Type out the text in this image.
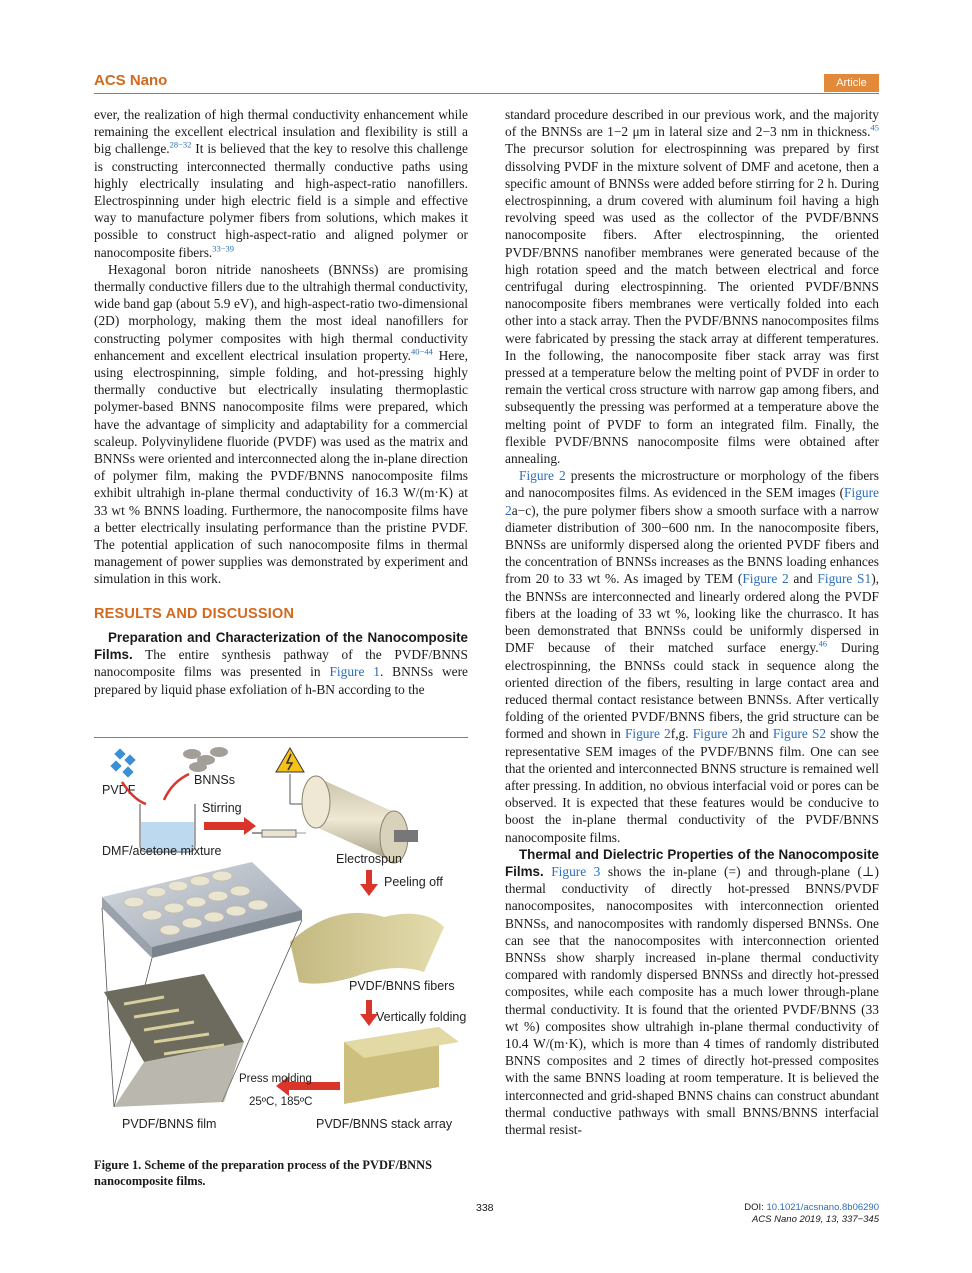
ACS Nano	Article

ever, the realization of high thermal conductivity enhancement while remaining the excellent electrical insulation and flexibility is still a big challenge.$^{28-32}$ It is believed that the key to resolve this challenge is constructing interconnected thermally conductive paths using highly electrically insulating and high-aspect-ratio nanofillers. Electrospinning under high electric field is a simple and effective way to manufacture polymer fibers from solutions, which makes it possible to construct high-aspect-ratio and aligned polymer or nanocomposite fibers.$^{33-39}$

Hexagonal boron nitride nanosheets (BNNSs) are promising thermally conductive fillers due to the ultrahigh thermal conductivity, wide band gap (about 5.9 eV), and high-aspect-ratio two-dimensional (2D) morphology, making them the most ideal nanofillers for constructing polymer composites with high thermal conductivity enhancement and excellent electrical insulation property.$^{40-44}$ Here, using electrospinning, simple folding, and hot-pressing highly thermally conductive but electrically insulating thermoplastic polymer-based BNNS nanocomposite films were prepared, which have the advantage of simplicity and adaptability for a commercial scaleup. Polyvinylidene fluoride (PVDF) was used as the matrix and BNNSs were oriented and interconnected along the in-plane direction of polymer film, making the PVDF/BNNS nanocomposite films exhibit ultrahigh in-plane thermal conductivity of 16.3 W/(m·K) at 33 wt % BNNS loading. Furthermore, the nanocomposite films have a better electrically insulating performance than the pristine PVDF. The potential application of such nanocomposite films in thermal management of power supplies was demonstrated by experiment and simulation in this work.

RESULTS AND DISCUSSION

Preparation and Characterization of the Nanocomposite Films. The entire synthesis pathway of the PVDF/BNNS nanocomposite films was presented in Figure 1. BNNSs were prepared by liquid phase exfoliation of h-BN according to the

PVDF
BNNSs
Stirring
DMF/acetone mixture
Electrospun
Peeling off
PVDF/BNNS fibers
Vertically folding
PVDF/BNNS stack array
Press molding
25ºC, 185ºC
PVDF/BNNS film
Figure 1. Scheme of the preparation process of the PVDF/BNNS nanocomposite films.

standard procedure described in our previous work, and the majority of the BNNSs are 1−2 μm in lateral size and 2−3 nm in thickness.$^{45}$ The precursor solution for electrospinning was prepared by first dissolving PVDF in the mixture solvent of DMF and acetone, then a specific amount of BNNSs were added before stirring for 2 h. During electrospinning, a drum covered with aluminum foil having a high revolving speed was used as the collector of the PVDF/BNNS nanocomposite fibers. After electrospinning, the oriented PVDF/BNNS nanofiber membranes were generated because of the high rotation speed and the match between electrical and force centrifugal during electrospinning. The oriented PVDF/BNNS nanocomposite fibers membranes were vertically folded into each other into a stack array. Then the PVDF/BNNS nanocomposites films were fabricated by pressing the stack array at different temperatures. In the following, the nanocomposite fiber stack array was first pressed at a temperature below the melting point of PVDF in order to remain the vertical cross structure with narrow gap among fibers, and subsequently the pressing was performed at a temperature above the melting point of PVDF to form an integrated film. Finally, the flexible PVDF/BNNS nanocomposite films were obtained after annealing.

Figure 2 presents the microstructure or morphology of the fibers and nanocomposites films. As evidenced in the SEM images (Figure 2a−c), the pure polymer fibers show a smooth surface with a narrow diameter distribution of 300−600 nm. In the nanocomposite fibers, BNNSs are uniformly dispersed along the oriented PVDF fibers and the concentration of BNNSs increases as the BNNS loading enhances from 20 to 33 wt %. As imaged by TEM (Figure 2 and Figure S1), the BNNSs are interconnected and linearly ordered along the PVDF fibers at the loading of 33 wt %, looking like the churrasco. It has been demonstrated that BNNSs could be uniformly dispersed in DMF because of their matched surface energy.$^{46}$ During electrospinning, the BNNSs could stack in sequence along the oriented direction of the fibers, resulting in large contact area and reduced thermal contact resistance between BNNSs. After vertically folding of the oriented PVDF/BNNS fibers, the grid structure can be formed and shown in Figure 2f,g. Figure 2h and Figure S2 show the representative SEM images of the PVDF/BNNS film. One can see that the oriented and interconnected BNNS structure is remained well after pressing. In addition, no obvious interfacial void or pores can be observed. It is expected that these features would be conducive to boost the in-plane thermal conductivity of the PVDF/BNNS nanocomposite films.

Thermal and Dielectric Properties of the Nanocomposite Films. Figure 3 shows the in-plane (=) and through-plane (⊥) thermal conductivity of directly hot-pressed BNNS/PVDF nanocomposites, nanocomposites with interconnection oriented BNNSs, and nanocomposites with randomly dispersed BNNSs. One can see that the nanocomposites with interconnection oriented BNNSs show sharply increased in-plane thermal conductivity compared with randomly dispersed BNNSs and directly hot-pressed composites, while each composite has a much lower through-plane thermal conductivity. It is found that the oriented PVDF/BNNS (33 wt %) composites show ultrahigh in-plane thermal conductivity of 10.4 W/(m·K), which is more than 4 times of randomly distributed BNNS composites and 2 times of directly hot-pressed composites with the same BNNS loading at room temperature. It is believed the interconnected and grid-shaped BNNS chains can construct abundant thermal conductive pathways with small BNNS/BNNS interfacial thermal resist-

338	DOI: 10.1021/acsnano.8b06290
ACS Nano 2019, 13, 337−345
